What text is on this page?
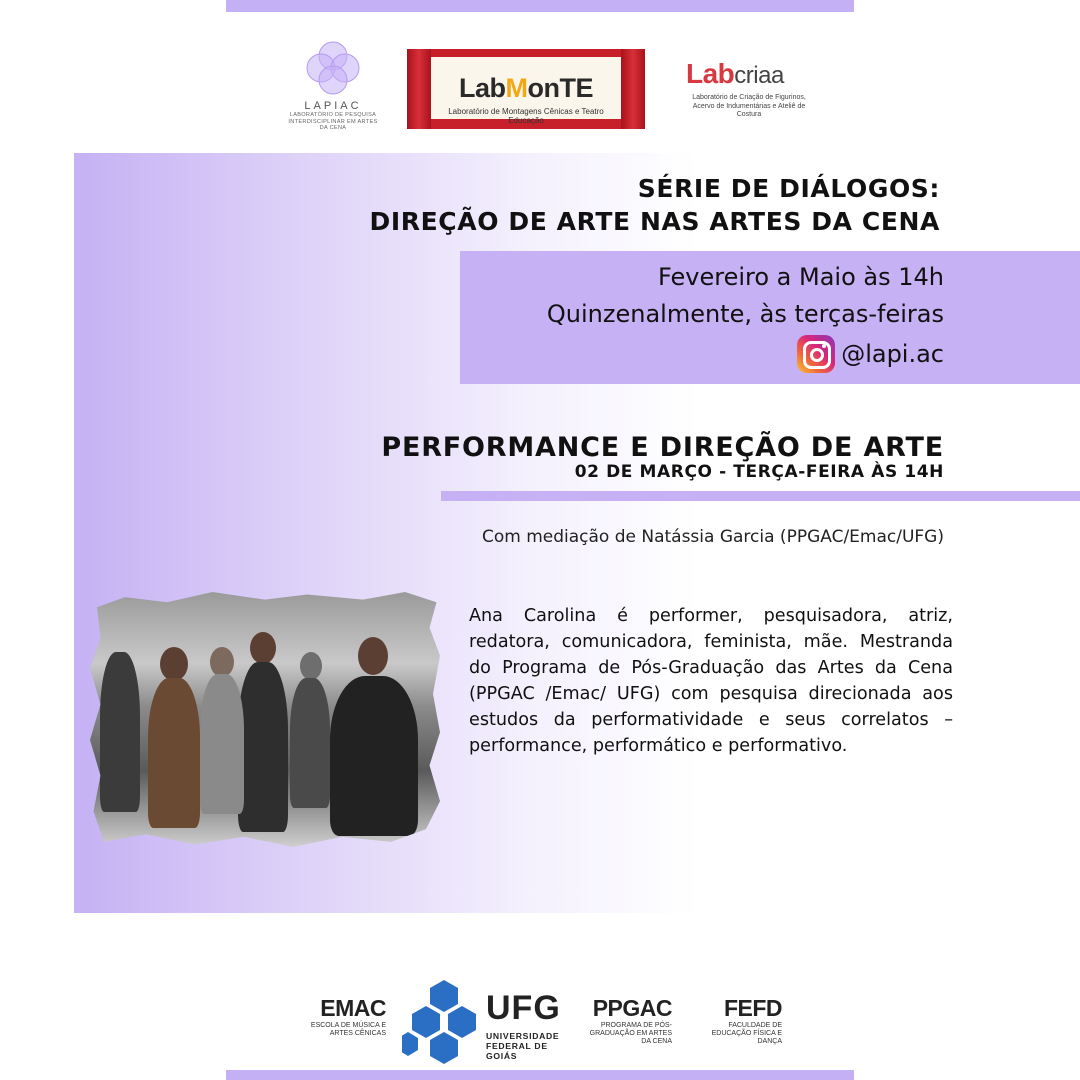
LAPIAC
LABORATÓRIO DE PESQUISA INTERDISCIPLINAR EM ARTES DA CENA
LabMonTE
Laboratório de Montagens Cênicas e Teatro Educação
Labcriaa
Laboratório de Criação de Figurinos, Acervo de Indumentárias e Ateliê de Costura
SÉRIE DE DIÁLOGOS:
DIREÇÃO DE ARTE NAS ARTES DA CENA
Fevereiro a Maio às 14h
Quinzenalmente, às terças-feiras
@lapi.ac
PERFORMANCE E DIREÇÃO DE ARTE
02 DE MARÇO - TERÇA-FEIRA ÀS 14H
Com mediação de Natássia Garcia (PPGAC/Emac/UFG)
Ana Carolina é performer, pesquisadora, atriz, redatora, comunicadora, feminista, mãe. Mestranda do Programa de Pós-Graduação das Artes da Cena (PPGAC /Emac/ UFG) com pesquisa direcionada aos estudos da performatividade e seus correlatos – performance, performático e performativo.
EMAC
ESCOLA DE MÚSICA E ARTES CÊNICAS
UFG
UNIVERSIDADE
FEDERAL DE GOIÁS
PPGAC
PROGRAMA DE PÓS-GRADUAÇÃO EM ARTES DA CENA
FEFD
FACULDADE DE EDUCAÇÃO FÍSICA E DANÇA
